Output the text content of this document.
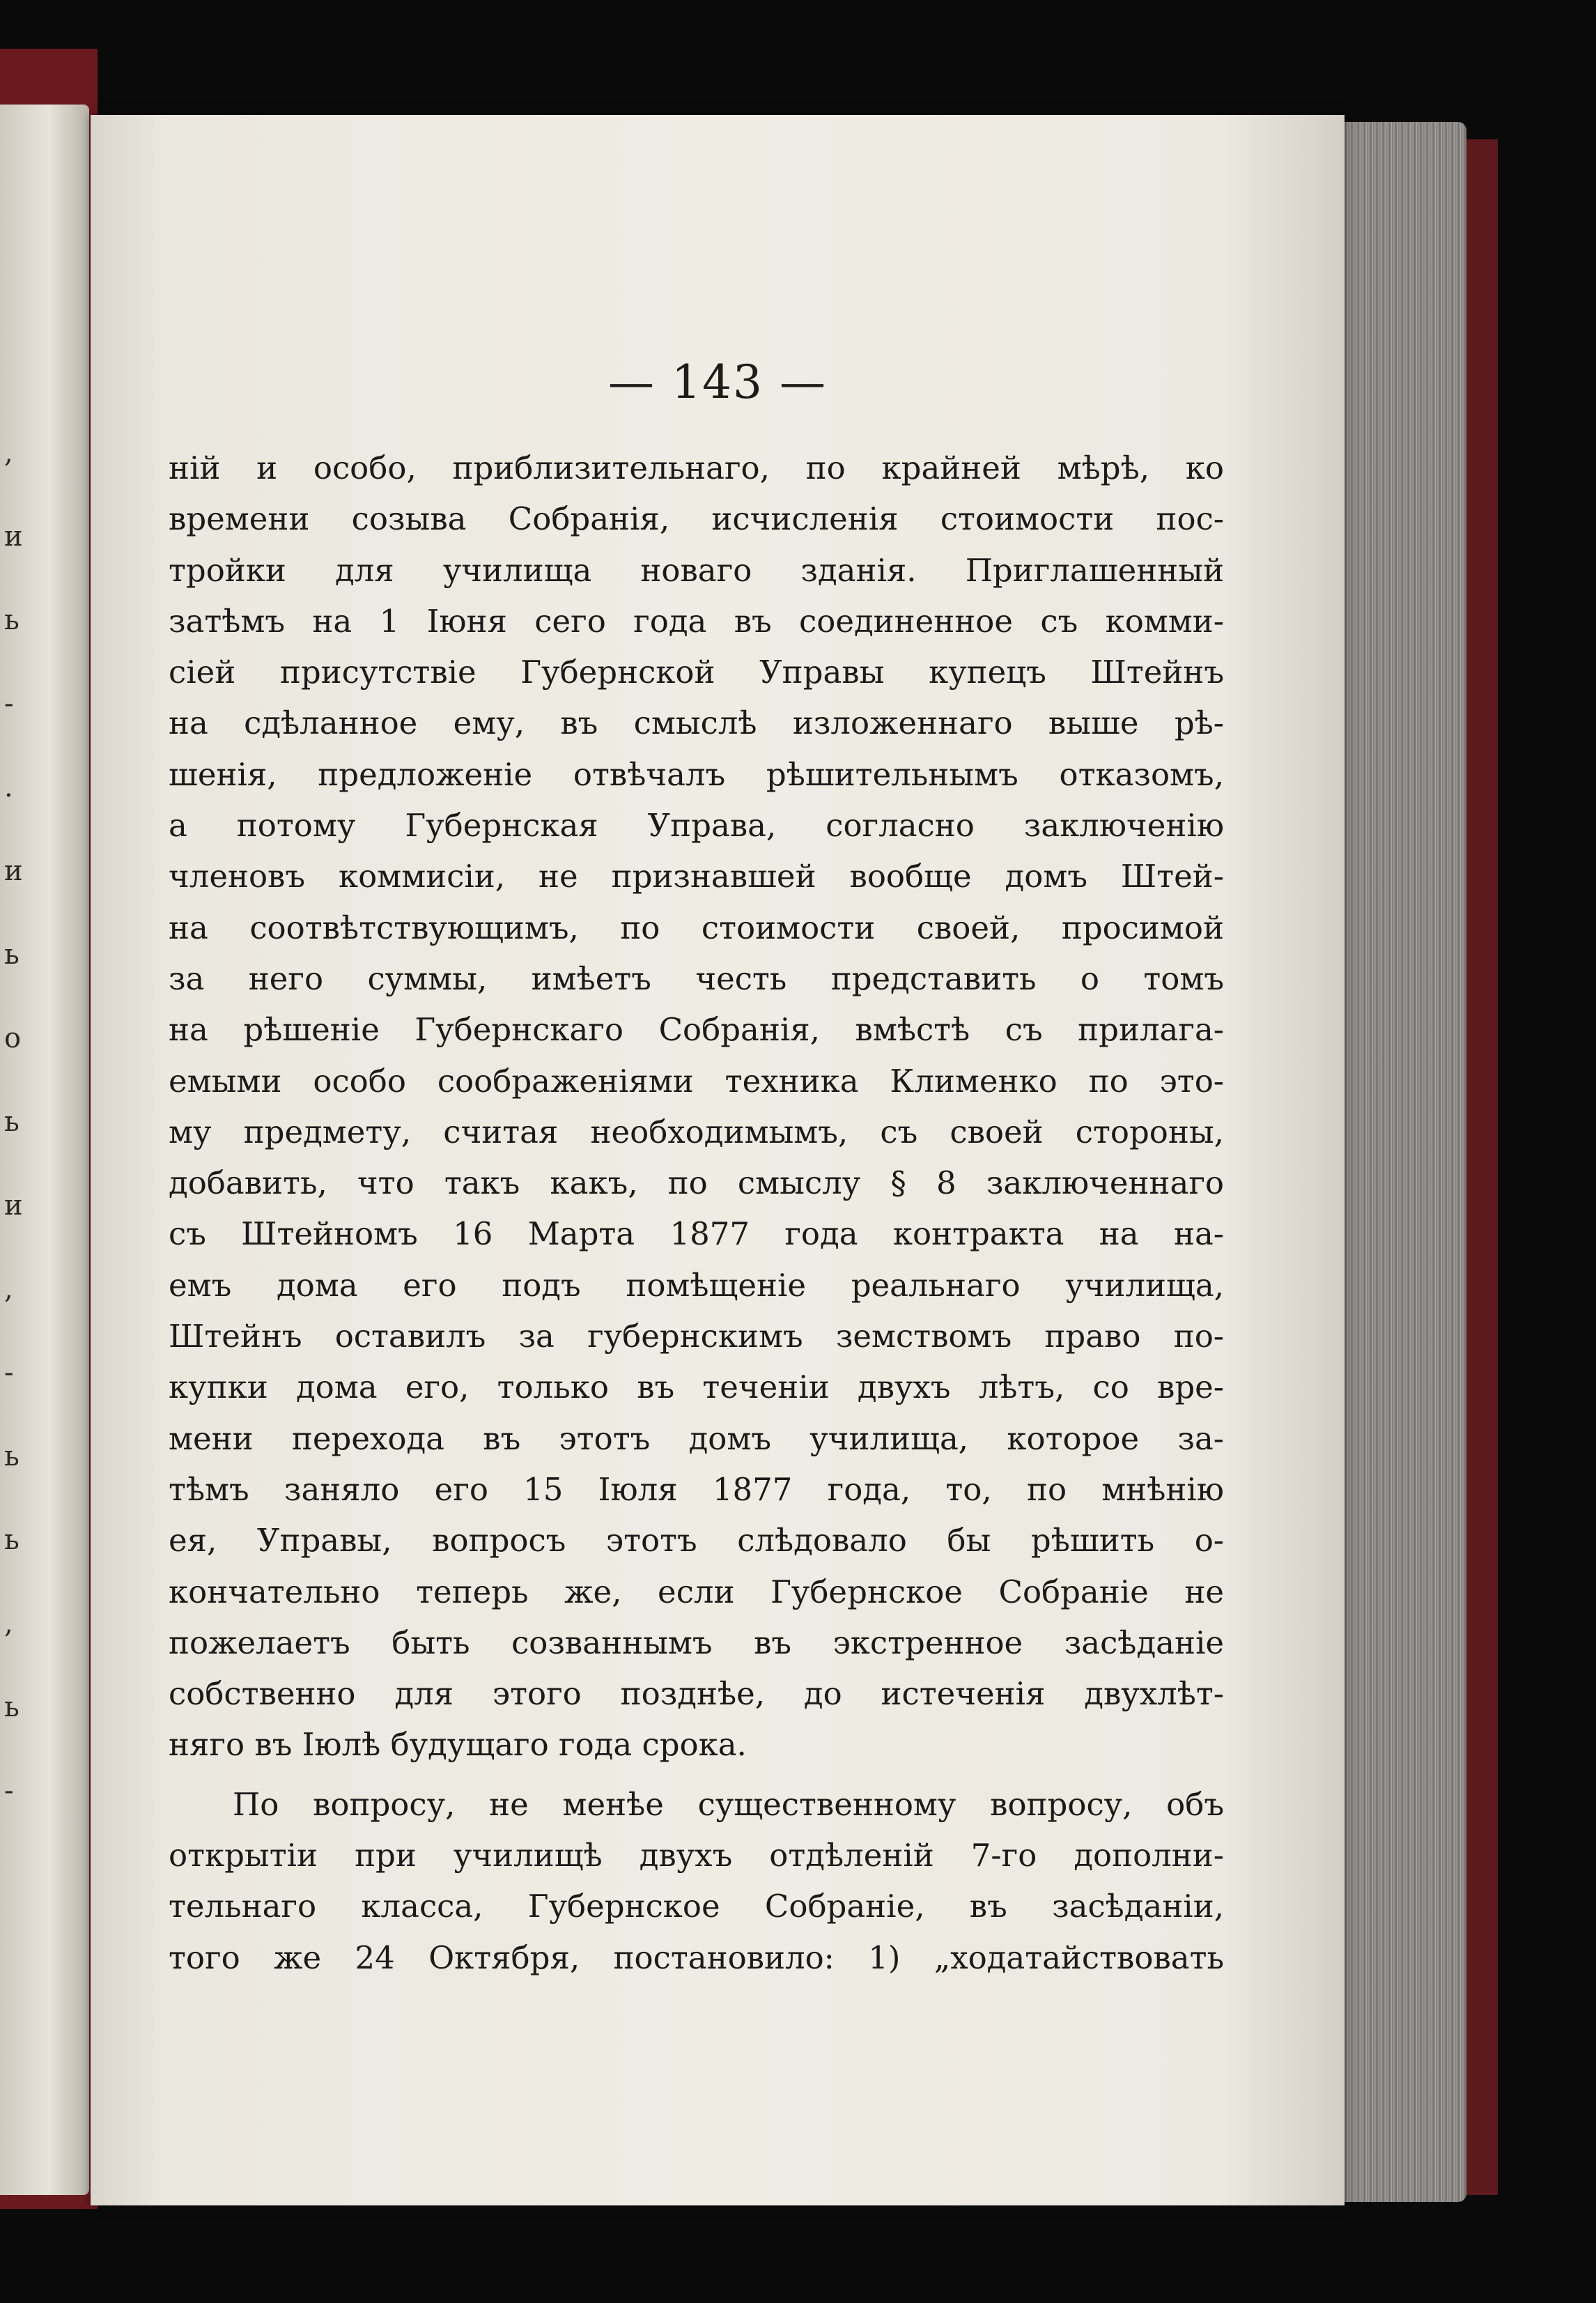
,
и
ь
-
.
и
ь
о
ь
и
,
-
ь
ь
,
ь
-
— 143 —
ній и особо, приблизительнаго, по крайней мѣрѣ, ко
времени созыва Собранія, исчисленія стоимости пос-
тройки для училища новаго зданія. Приглашенный
затѣмъ на 1 Іюня сего года въ соединенное съ комми-
сіей присутствіе Губернской Управы купецъ Штейнъ
на сдѣланное ему, въ смыслѣ изложеннаго выше рѣ-
шенія, предложеніе отвѣчалъ рѣшительнымъ отказомъ,
а потому Губернская Управа, согласно заключенію
членовъ коммисіи, не признавшей вообще домъ Штей-
на соотвѣтствующимъ, по стоимости своей, просимой
за него суммы, имѣетъ честь представить о томъ
на рѣшеніе Губернскаго Собранія, вмѣстѣ съ прилага-
емыми особо соображеніями техника Клименко по это-
му предмету, считая необходимымъ, съ своей стороны,
добавить, что такъ какъ, по смыслу § 8 заключеннаго
съ Штейномъ 16 Марта 1877 года контракта на на-
емъ дома его подъ помѣщеніе реальнаго училища,
Штейнъ оставилъ за губернскимъ земствомъ право по-
купки дома его, только въ теченіи двухъ лѣтъ, со вре-
мени перехода въ этотъ домъ училища, которое за-
тѣмъ заняло его 15 Іюля 1877 года, то, по мнѣнію
ея, Управы, вопросъ этотъ слѣдовало бы рѣшить о-
кончательно теперь же, если Губернское Собраніе не
пожелаетъ быть созваннымъ въ экстренное засѣданіе
собственно для этого позднѣе, до истеченія двухлѣт-
няго въ Іюлѣ будущаго года срока.
По вопросу, не менѣе существенному вопросу, объ
открытіи при училищѣ двухъ отдѣленій 7-го дополни-
тельнаго класса, Губернское Собраніе, въ засѣданіи,
того же 24 Октября, постановило: 1) „ходатайствовать
